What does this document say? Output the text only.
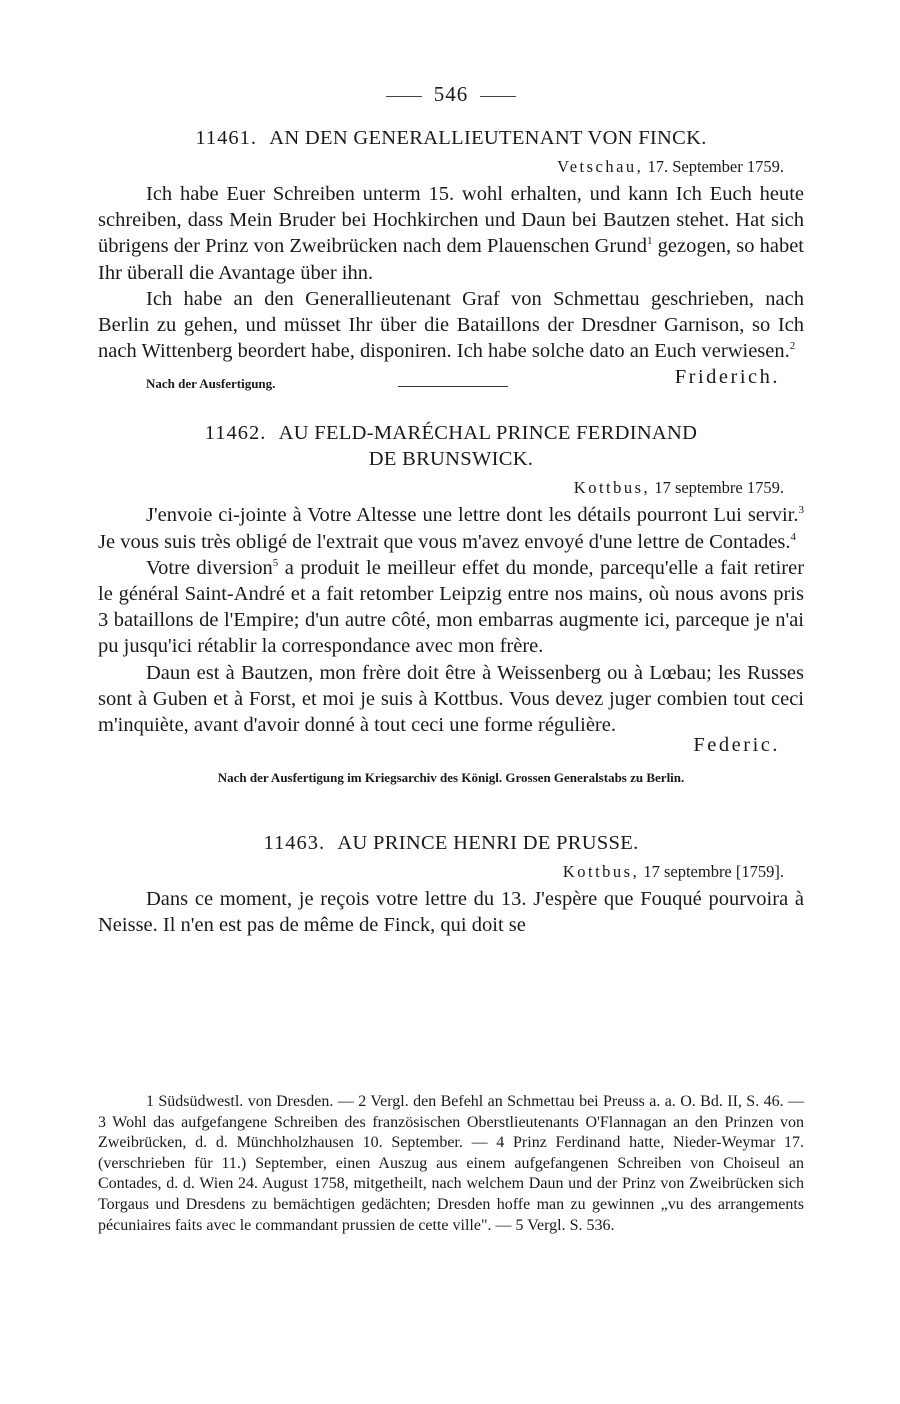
546
11461. AN DEN GENERALLIEUTENANT VON FINCK.
Vetschau, 17. September 1759.

Ich habe Euer Schreiben unterm 15. wohl erhalten, und kann Ich Euch heute schreiben, dass Mein Bruder bei Hochkirchen und Daun bei Bautzen stehet. Hat sich übrigens der Prinz von Zweibrücken nach dem Plauenschen Grund$^1$ gezogen, so habet Ihr überall die Avantage über ihn.

Ich habe an den Generallieutenant Graf von Schmettau geschrieben, nach Berlin zu gehen, und müsset Ihr über die Bataillons der Dresdner Garnison, so Ich nach Wittenberg beordert habe, disponiren. Ich habe solche dato an Euch verwiesen.$^2$

Nach der Ausfertigung.	Friderich.
11462. AU FELD-MARÉCHAL PRINCE FERDINAND
DE BRUNSWICK.
Kottbus, 17 septembre 1759.

J'envoie ci-jointe à Votre Altesse une lettre dont les détails pourront Lui servir.$^3$ Je vous suis très obligé de l'extrait que vous m'avez envoyé d'une lettre de Contades.$^4$

Votre diversion$^5$ a produit le meilleur effet du monde, parcequ'elle a fait retirer le général Saint-André et a fait retomber Leipzig entre nos mains, où nous avons pris 3 bataillons de l'Empire; d'un autre côté, mon embarras augmente ici, parceque je n'ai pu jusqu'ici rétablir la correspondance avec mon frère.

Daun est à Bautzen, mon frère doit être à Weissenberg ou à Lœbau; les Russes sont à Guben et à Forst, et moi je suis à Kottbus. Vous devez juger combien tout ceci m'inquiète, avant d'avoir donné à tout ceci une forme régulière.

Federic.
Nach der Ausfertigung im Kriegsarchiv des Königl. Grossen Generalstabs zu Berlin.
11463. AU PRINCE HENRI DE PRUSSE.
Kottbus, 17 septembre [1759].

Dans ce moment, je reçois votre lettre du 13. J'espère que Fouqué pourvoira à Neisse. Il n'en est pas de même de Finck, qui doit se

1 Südsüdwestl. von Dresden. — 2 Vergl. den Befehl an Schmettau bei Preuss a. a. O. Bd. II, S. 46. — 3 Wohl das aufgefangene Schreiben des französischen Oberstlieutenants O'Flannagan an den Prinzen von Zweibrücken, d. d. Münchholzhausen 10. September. — 4 Prinz Ferdinand hatte, Nieder-Weymar 17. (verschrieben für 11.) September, einen Auszug aus einem aufgefangenen Schreiben von Choiseul an Contades, d. d. Wien 24. August 1758, mitgetheilt, nach welchem Daun und der Prinz von Zweibrücken sich Torgaus und Dresdens zu bemächtigen gedächten; Dresden hoffe man zu gewinnen „vu des arrangements pécuniaires faits avec le commandant prussien de cette ville". — 5 Vergl. S. 536.
